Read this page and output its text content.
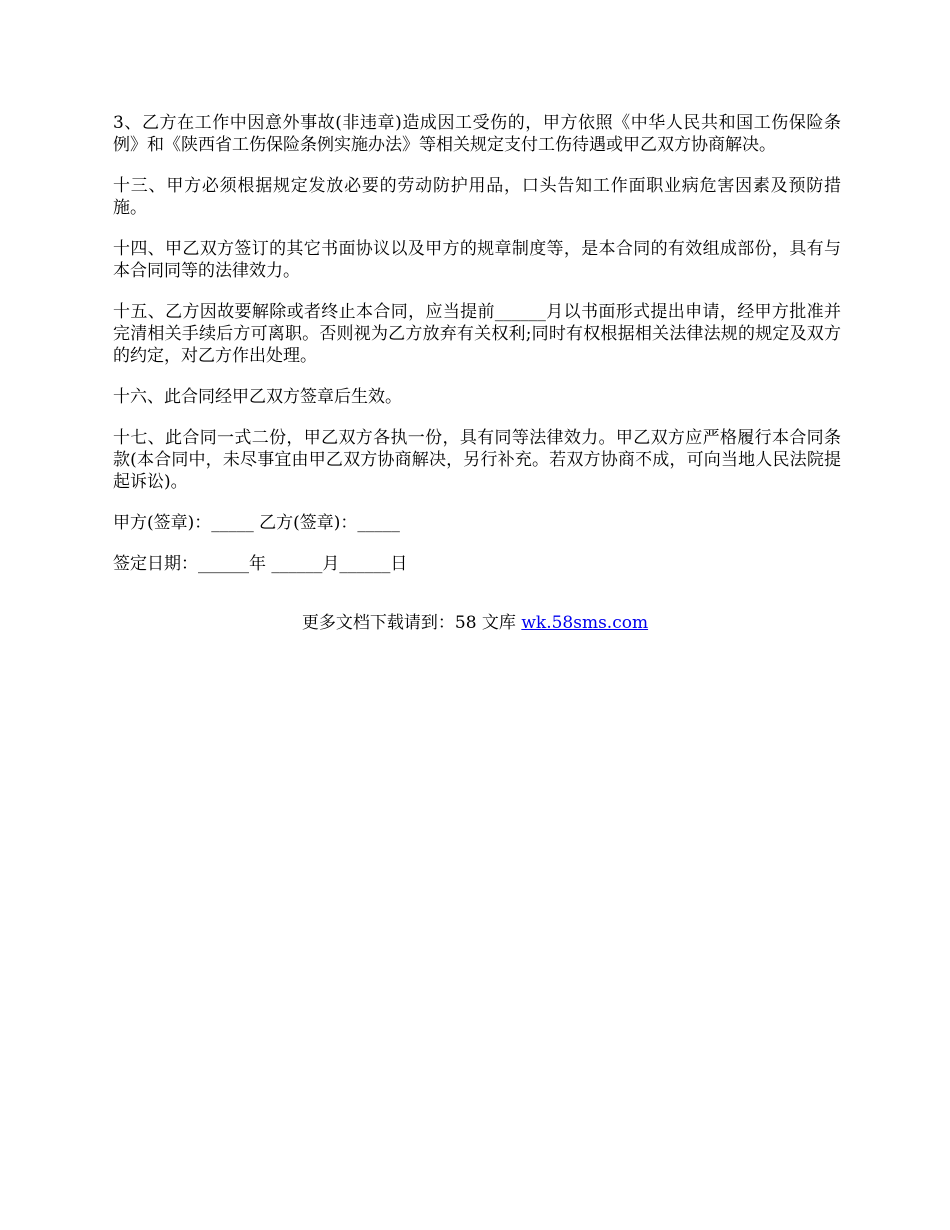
3、乙方在工作中因意外事故(非违章)造成因工受伤的，甲方依照《中华人民共和国工伤保险条例》和《陕西省工伤保险条例实施办法》等相关规定支付工伤待遇或甲乙双方协商解决。

十三、甲方必须根据规定发放必要的劳动防护用品，口头告知工作面职业病危害因素及预防措施。

十四、甲乙双方签订的其它书面协议以及甲方的规章制度等，是本合同的有效组成部份，具有与本合同同等的法律效力。

十五、乙方因故要解除或者终止本合同，应当提前______月以书面形式提出申请，经甲方批准并完清相关手续后方可离职。否则视为乙方放弃有关权利;同时有权根据相关法律法规的规定及双方的约定，对乙方作出处理。

十六、此合同经甲乙双方签章后生效。

十七、此合同一式二份，甲乙双方各执一份，具有同等法律效力。甲乙双方应严格履行本合同条款(本合同中，未尽事宜由甲乙双方协商解决，另行补充。若双方协商不成，可向当地人民法院提起诉讼)。

甲方(签章)：_____ 乙方(签章)：_____

签定日期：______年 ______月______日

更多文档下载请到：58 文库 wk.58sms.com
